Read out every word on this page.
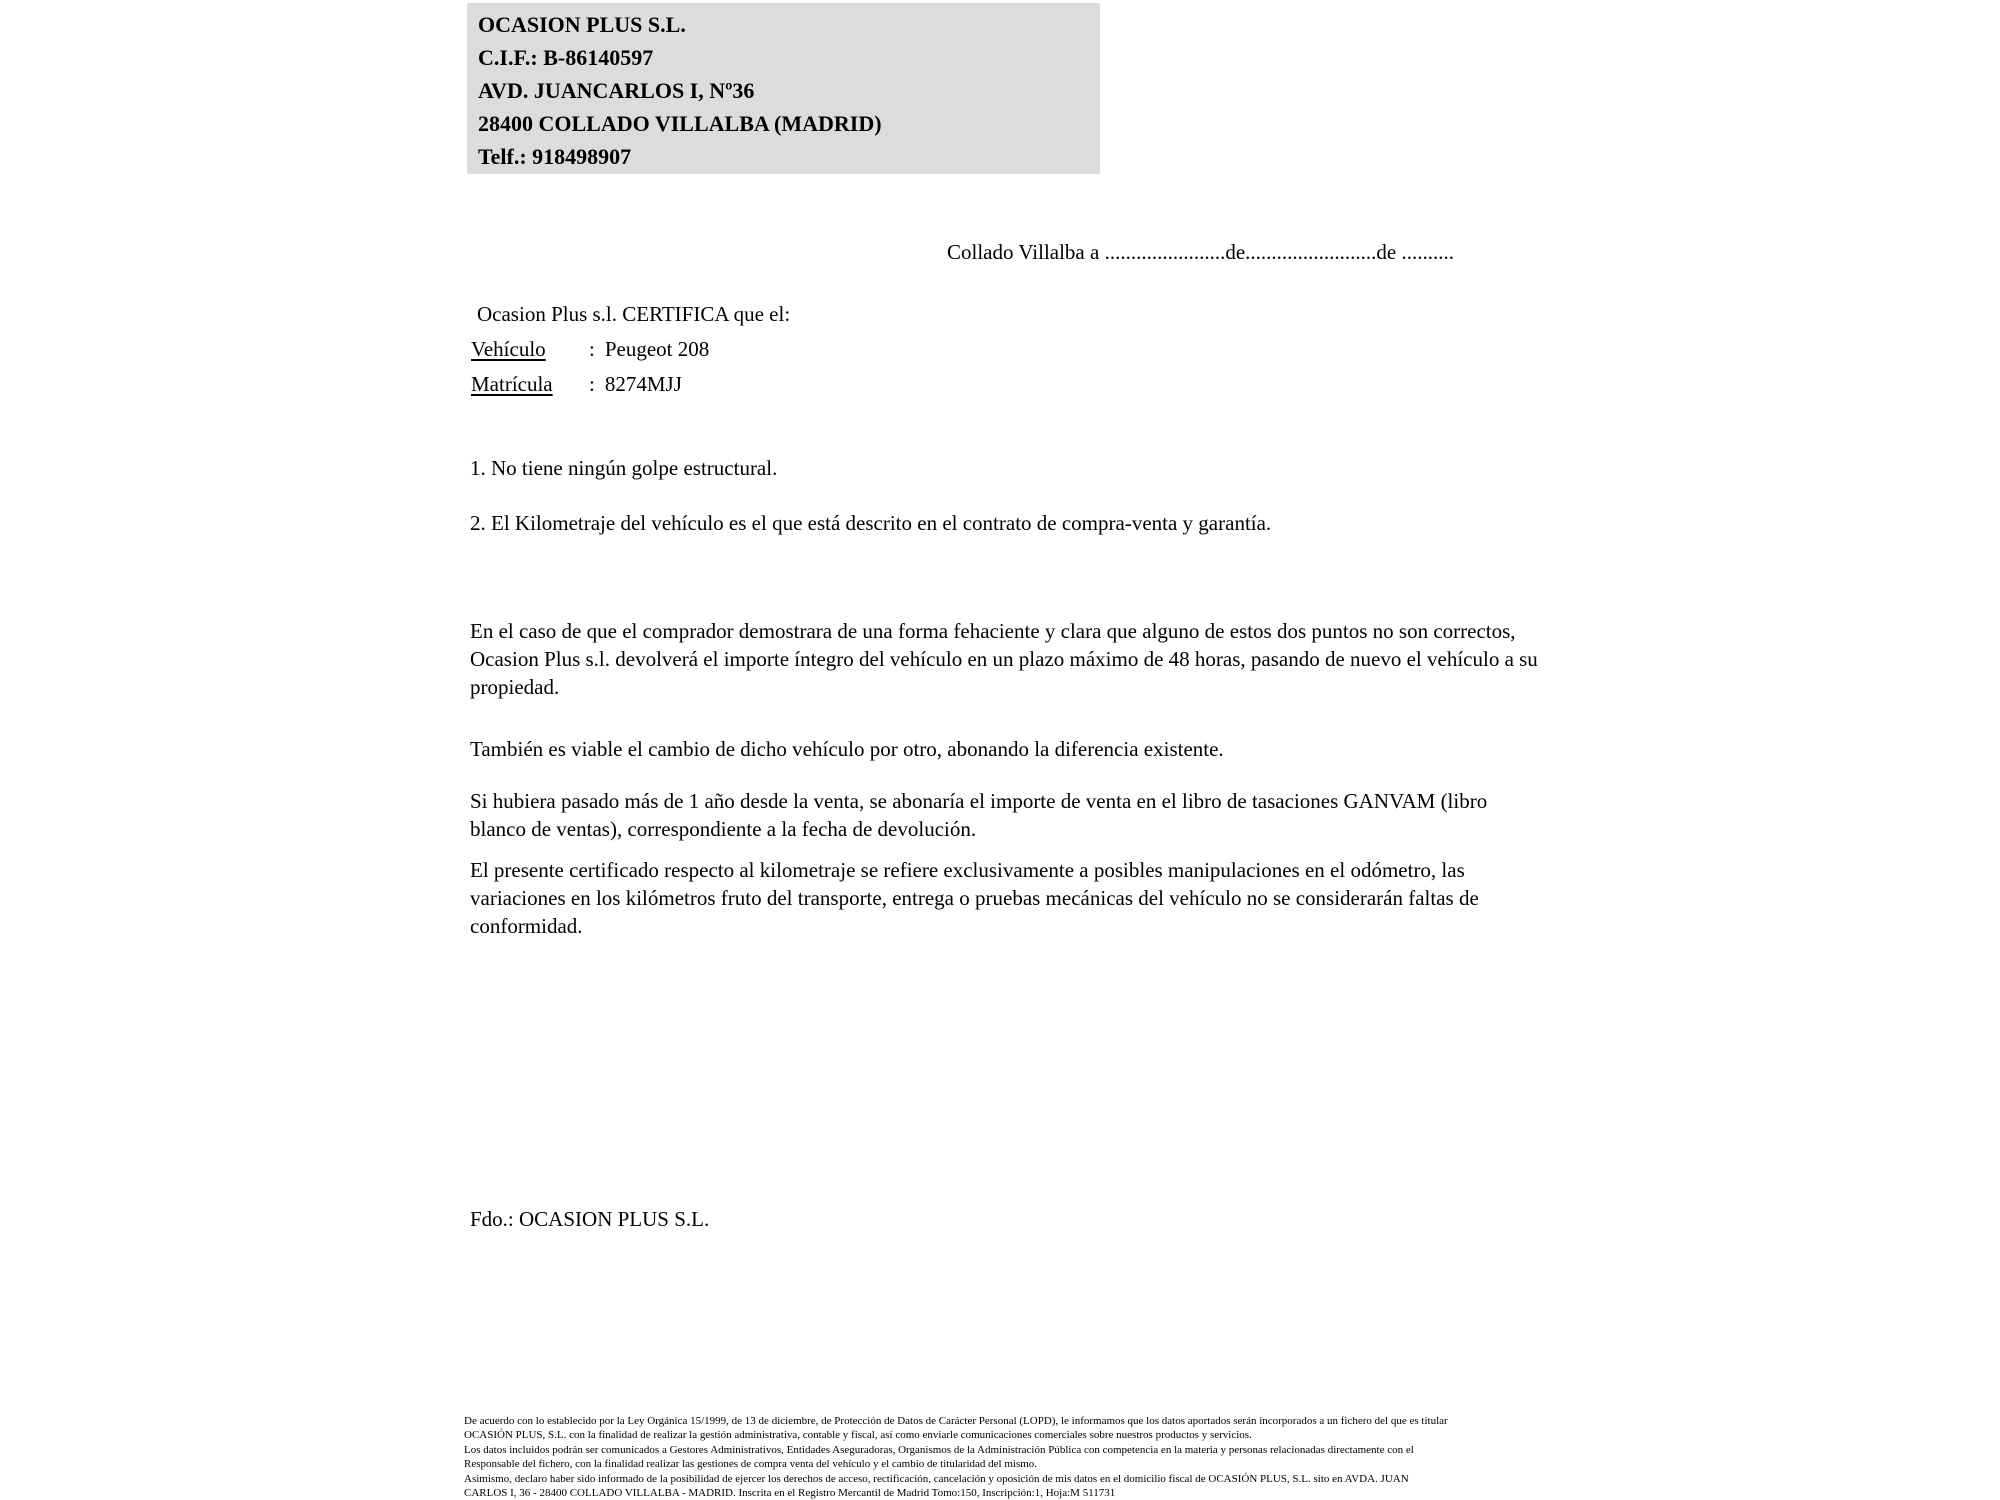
OCASION PLUS S.L.
C.I.F.: B-86140597
AVD. JUANCARLOS I, Nº36
28400 COLLADO VILLALBA (MADRID)
Telf.: 918498907
Collado Villalba a .......................de.........................de ..........
Ocasion Plus s.l. CERTIFICA que el:
Vehículo : Peugeot 208
Matrícula : 8274MJJ
1. No tiene ningún golpe estructural.
2. El Kilometraje del vehículo es el que está descrito en el contrato de compra-venta y garantía.
En el caso de que el comprador demostrara de una forma fehaciente y clara que alguno de estos dos puntos no son correctos, Ocasion Plus s.l. devolverá el importe íntegro del vehículo en un plazo máximo de 48 horas, pasando de nuevo el vehículo a su propiedad.
También es viable el cambio de dicho vehículo por otro, abonando la diferencia existente.
Si hubiera pasado más de 1 año desde la venta, se abonaría el importe de venta en el libro de tasaciones GANVAM (libro blanco de ventas), correspondiente a la fecha de devolución.
El presente certificado respecto al kilometraje se refiere exclusivamente a posibles manipulaciones en el odómetro, las variaciones en los kilómetros fruto del transporte, entrega o pruebas mecánicas del vehículo no se considerarán faltas de conformidad.
Fdo.: OCASION PLUS S.L.
De acuerdo con lo establecido por la Ley Orgánica 15/1999, de 13 de diciembre, de Protección de Datos de Carácter Personal (LOPD), le informamos que los datos aportados serán incorporados a un fichero del que es titular
OCASIÓN PLUS, S.L. con la finalidad de realizar la gestión administrativa, contable y fiscal, así como enviarle comunicaciones comerciales sobre nuestros productos y servicios.
Los datos incluidos podrán ser comunicados a Gestores Administrativos, Entidades Aseguradoras, Organismos de la Administración Pública con competencia en la materia y personas relacionadas directamente con el
Responsable del fichero, con la finalidad realizar las gestiones de compra venta del vehículo y el cambio de titularidad del mismo.
Asimismo, declaro haber sido informado de la posibilidad de ejercer los derechos de acceso, rectificación, cancelación y oposición de mis datos en el domicilio fiscal de OCASIÓN PLUS, S.L. sito en AVDA. JUAN
CARLOS I, 36 - 28400 COLLADO VILLALBA - MADRID. Inscrita en el Registro Mercantil de Madrid Tomo:150, Inscripción:1, Hoja:M 511731
